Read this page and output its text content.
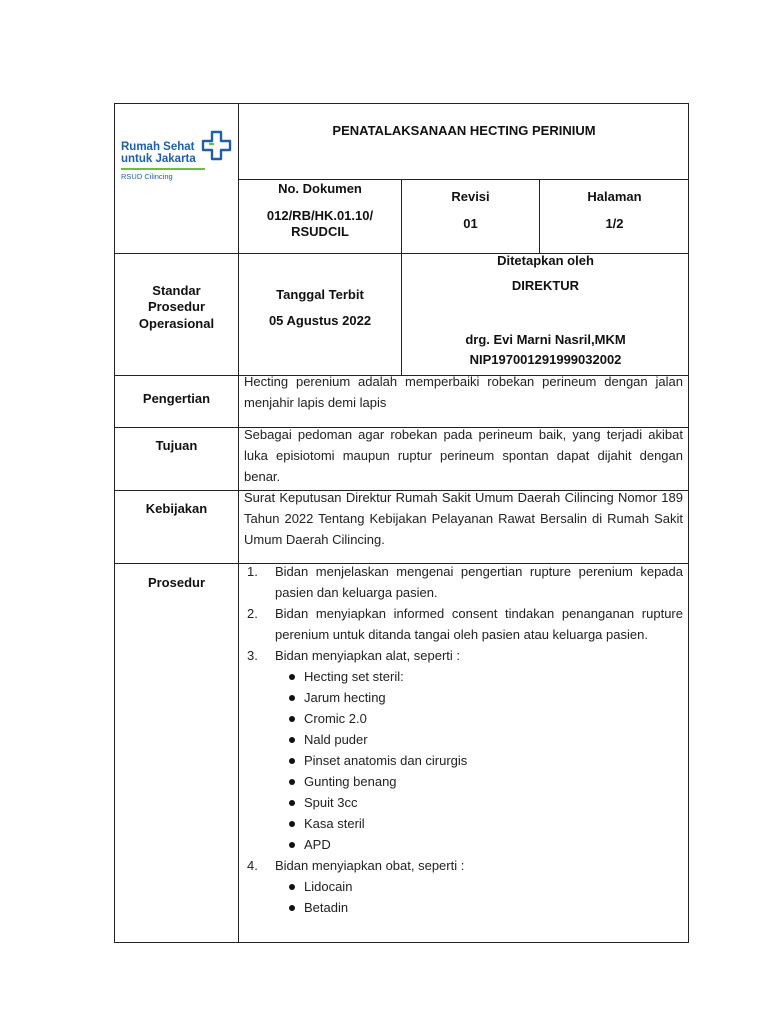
Rumah Sehat
untuk Jakarta
RSUD Cilincing
PENATALAKSANAAN HECTING PERINIUM
No. Dokumen
012/RB/HK.01.10/
RSUDCIL
Revisi
01
Halaman
1/2
Standar
Prosedur
Operasional
Tanggal Terbit
05 Agustus 2022
Ditetapkan oleh
DIREKTUR
drg. Evi Marni Nasril,MKM
NIP197001291999032002
Pengertian
Hecting perenium adalah memperbaiki robekan perineum dengan jalan menjahir lapis demi lapis
Tujuan
Sebagai pedoman agar robekan pada perineum baik, yang terjadi akibat luka episiotomi maupun ruptur perineum spontan dapat dijahit dengan benar.
Kebijakan
Surat Keputusan Direktur Rumah Sakit Umum Daerah Cilincing Nomor 189 Tahun 2022 Tentang Kebijakan Pelayanan Rawat Bersalin di Rumah Sakit Umum Daerah Cilincing.
Prosedur
1. Bidan menjelaskan mengenai pengertian rupture perenium kepada pasien dan keluarga pasien.
2. Bidan menyiapkan informed consent tindakan penanganan rupture perenium untuk ditanda tangai oleh pasien atau keluarga pasien.
3. Bidan menyiapkan alat, seperti :
Hecting set steril:
Jarum hecting
Cromic 2.0
Nald puder
Pinset anatomis dan cirurgis
Gunting benang
Spuit 3cc
Kasa steril
APD
4. Bidan menyiapkan obat, seperti :
Lidocain
Betadin
